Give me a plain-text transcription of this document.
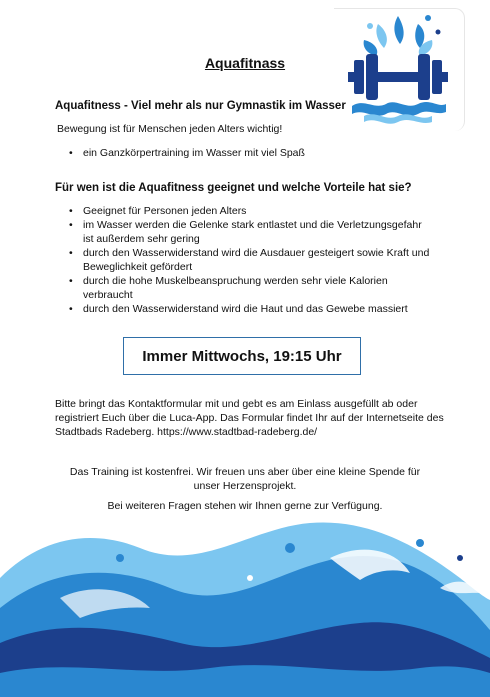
Aquafitnass
Aquafitness - Viel mehr als nur Gymnastik im Wasser
Bewegung ist für Menschen jeden Alters wichtig!
• ein Ganzkörpertraining im Wasser mit viel Spaß
Für wen ist die Aquafitness geeignet und welche Vorteile hat sie?
• Geeignet für Personen jeden Alters
• im Wasser werden die Gelenke stark entlastet und die Verletzungsgefahr ist außerdem sehr gering
• durch den Wasserwiderstand wird die Ausdauer gesteigert sowie Kraft und Beweglichkeit gefördert
• durch die hohe Muskelbeanspruchung werden sehr viele Kalorien verbraucht
• durch den Wasserwiderstand wird die Haut und das Gewebe massiert
Immer Mittwochs, 19:15 Uhr
Bitte bringt das Kontaktformular mit und gebt es am Einlass ausgefüllt ab oder registriert Euch über die Luca-App. Das Formular findet Ihr auf der Internetseite des Stadtbads Radeberg. https://www.stadtbad-radeberg.de/
Das Training ist kostenfrei. Wir freuen uns aber über eine kleine Spende für
unser Herzensprojekt.
Bei weiteren Fragen stehen wir Ihnen gerne zur Verfügung.
